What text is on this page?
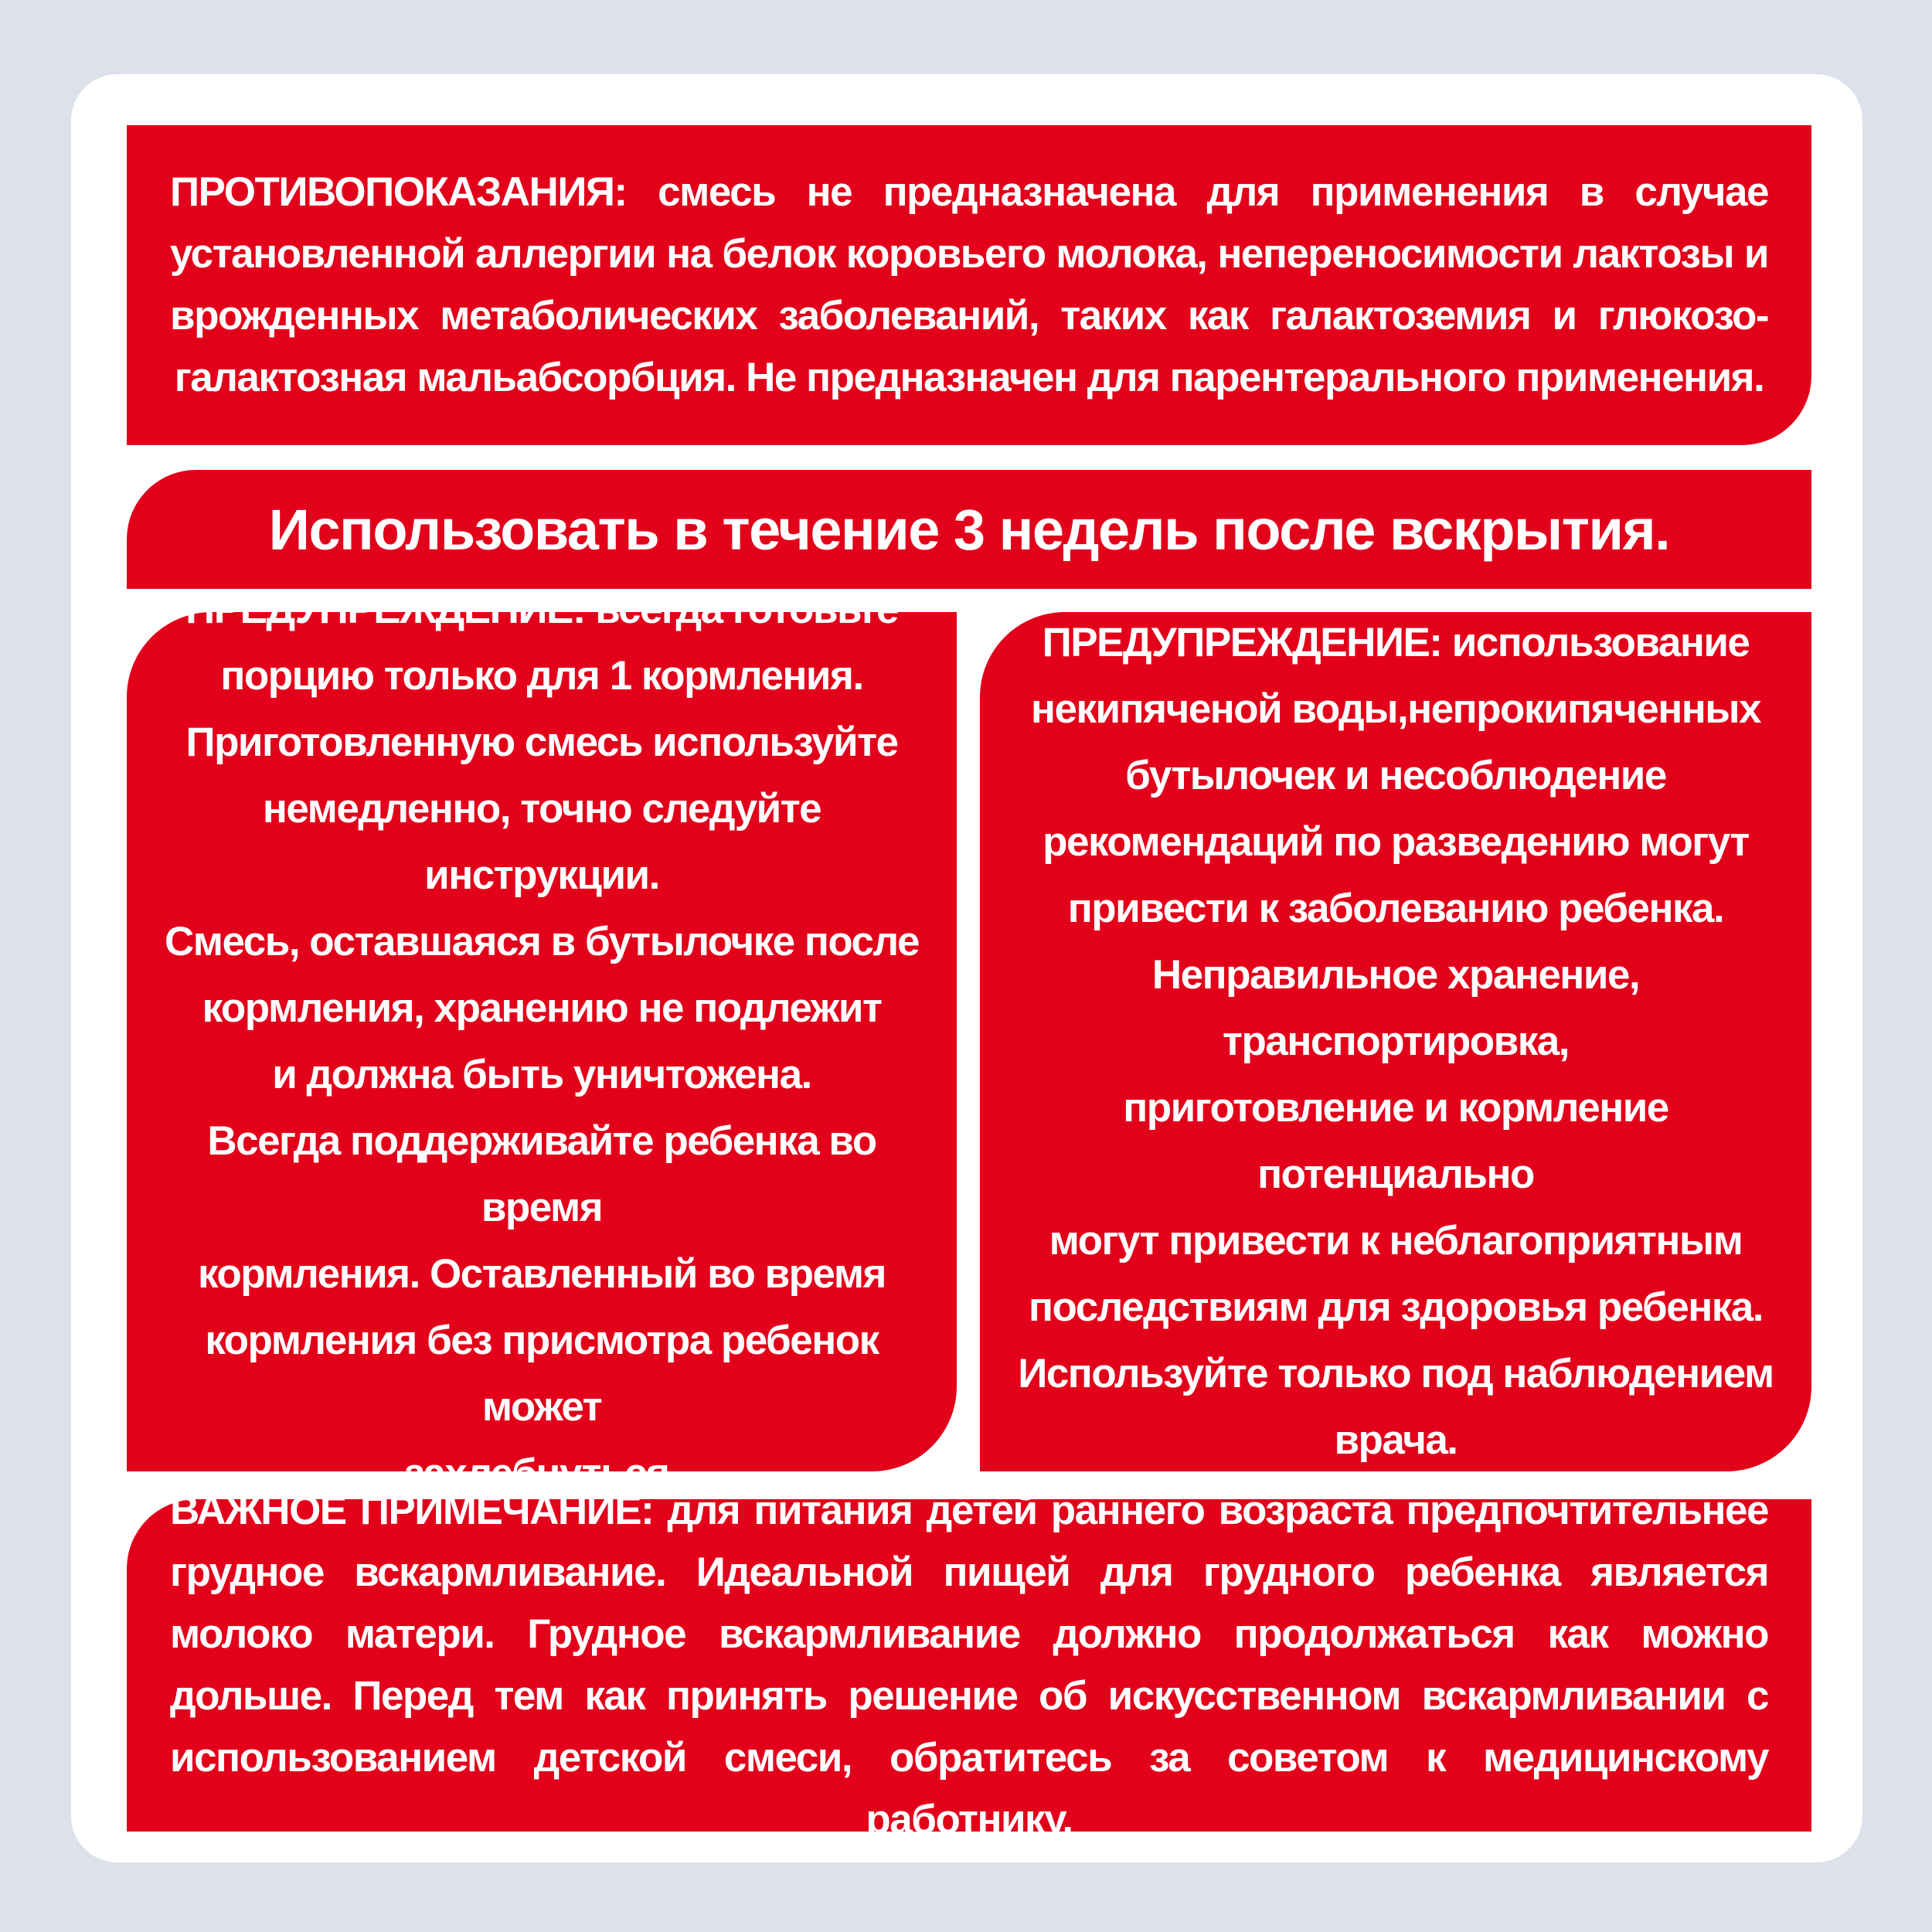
ПРОТИВОПОКАЗАНИЯ: смесь не предназначена для применения в случае установленной аллергии на белок коровьего молока, непереносимости лактозы и врожденных метаболических заболеваний, таких как галактоземия и глюкозо-галактозная мальабсорбция. Не предназначен для парентерального применения.

Использовать в течение 3 недель после вскрытия.
ПРЕДУПРЕЖДЕНИЕ: всегда готовьте
порцию только для 1 кормления.
Приготовленную смесь используйте
немедленно, точно следуйте инструкции.
Смесь, оставшаяся в бутылочке после
кормления, хранению не подлежит
и должна быть уничтожена.
Всегда поддерживайте ребенка во время
кормления. Оставленный во время
кормления без присмотра ребенок может
захлебнуться.
ПРЕДУПРЕЖДЕНИЕ: использование
некипяченой воды,непрокипяченных
бутылочек и несоблюдение
рекомендаций по разведению могут
привести к заболеванию ребенка.
Неправильное хранение, транспортировка,
приготовление и кормление потенциально
могут привести к неблагоприятным
последствиям для здоровья ребенка.
Используйте только под наблюдением
врача.

ВАЖНОЕ ПРИМЕЧАНИЕ: для питания детей раннего возраста предпочтительнее грудное вскармливание. Идеальной пищей для грудного ребенка является молоко матери. Грудное вскармливание должно продолжаться как можно дольше. Перед тем как принять решение об искусственном вскармливании с использованием детской смеси, обратитесь за советом к медицинскому работнику.
